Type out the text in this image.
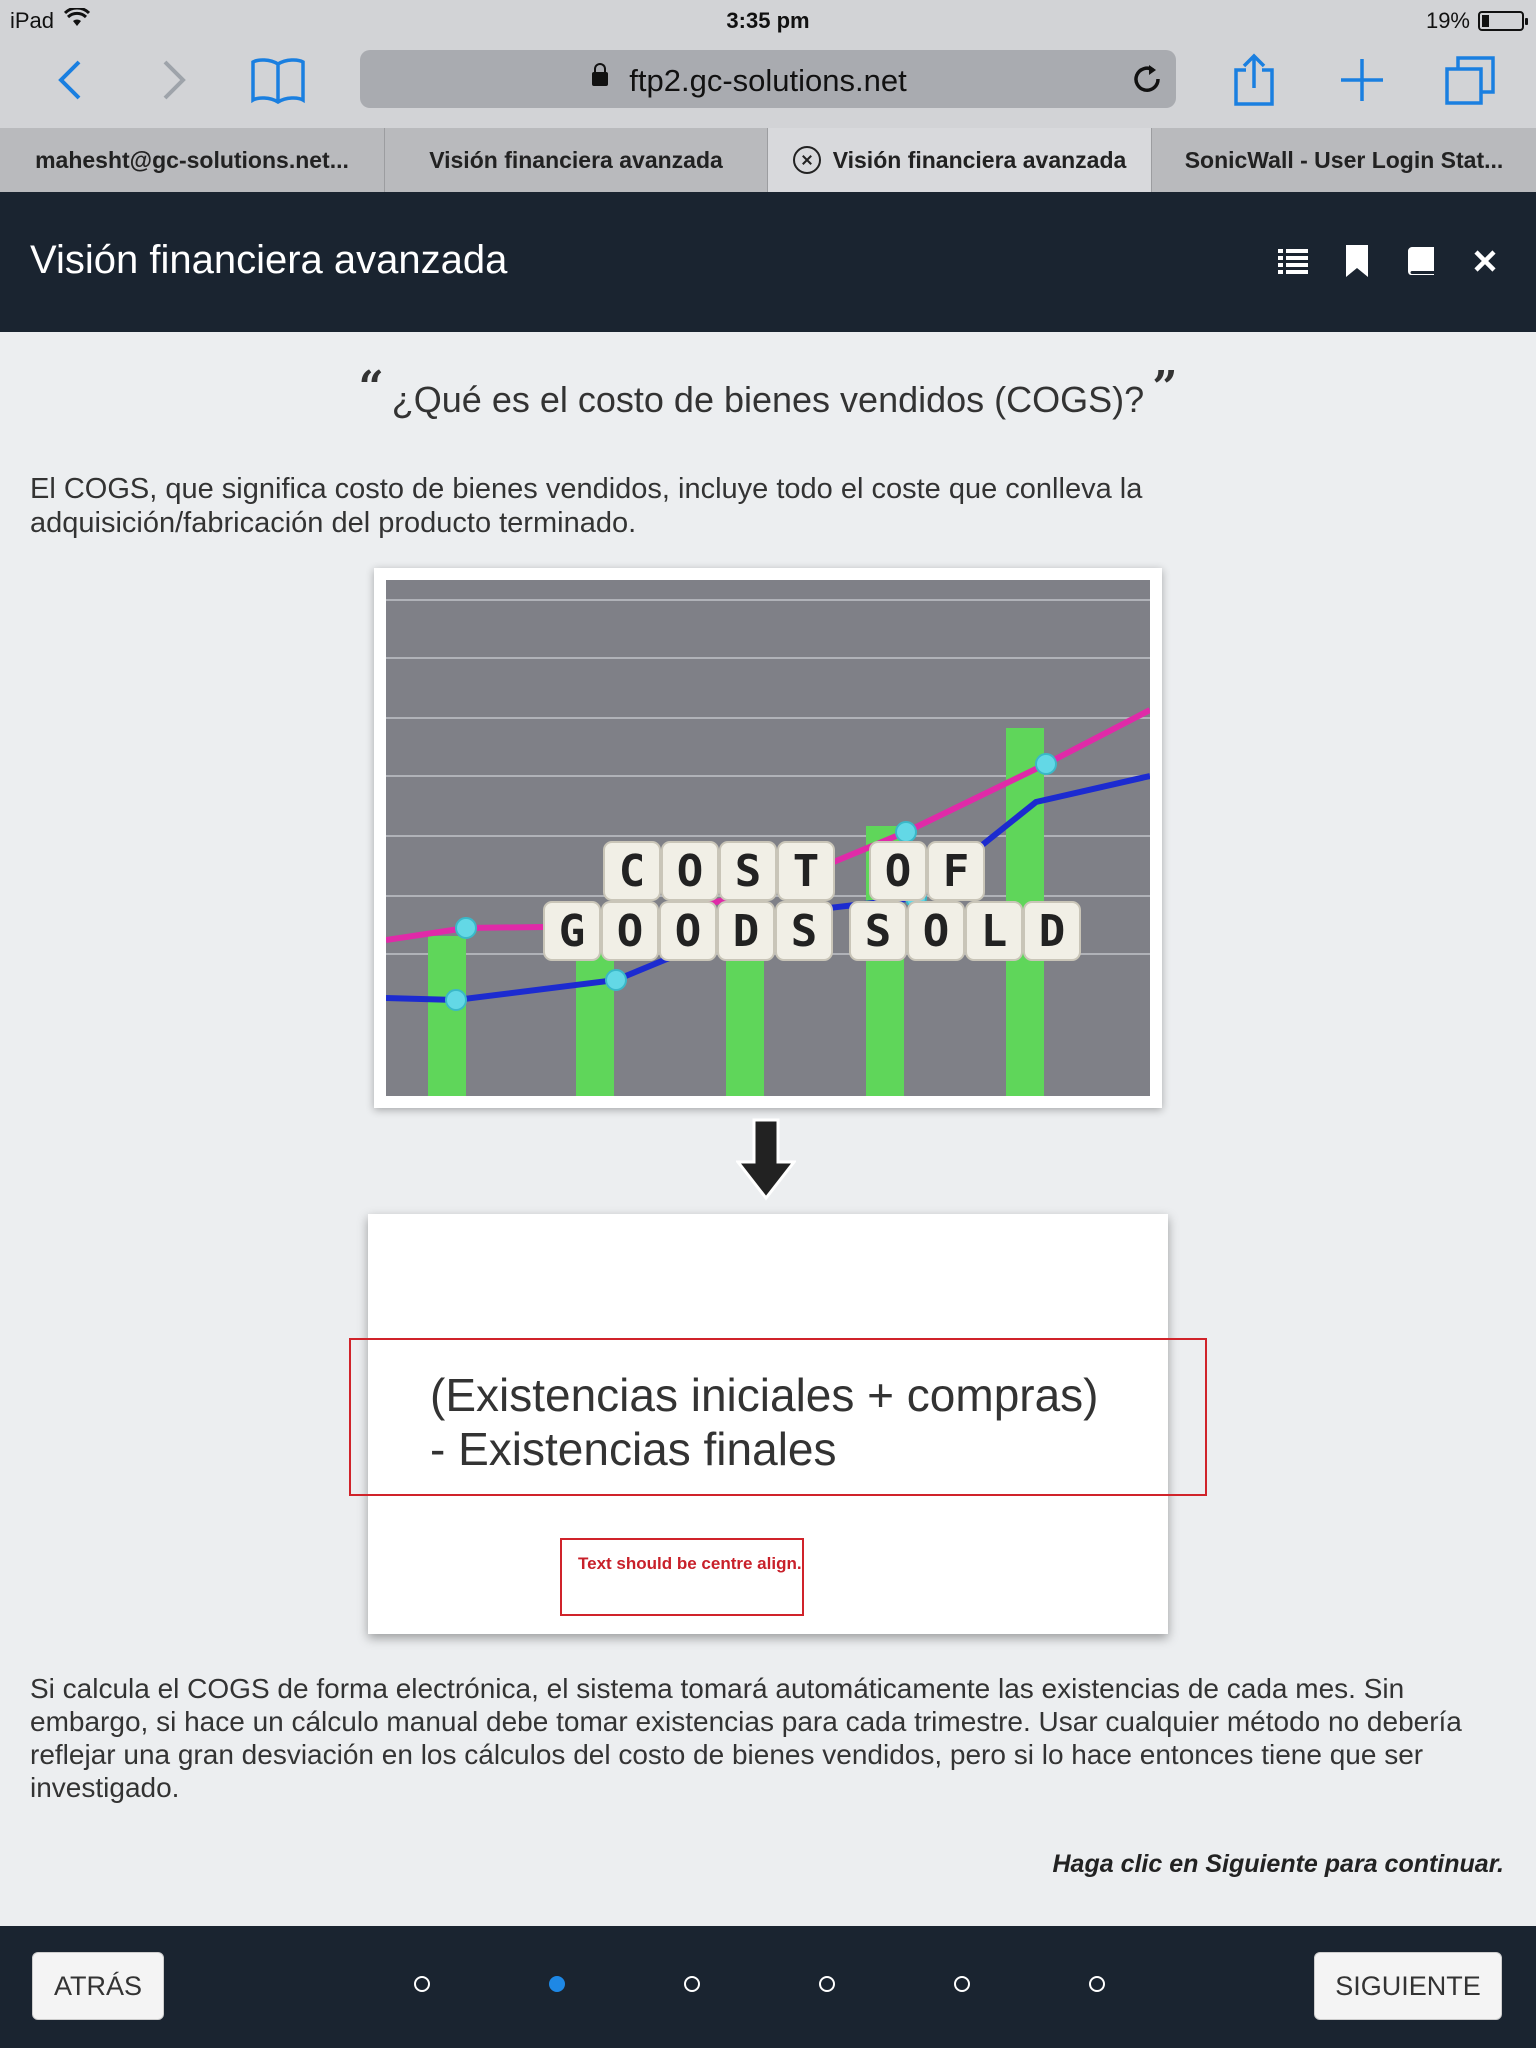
iPad	3:35 pm	19%
ftp2.gc-solutions.net
mahesht@gc-solutions.net...	Visión financiera avanzada	Visión financiera avanzada	SonicWall - User Login Stat...
Visión financiera avanzada
“ ¿Qué es el costo de bienes vendidos (COGS)? ”

El COGS, que significa costo de bienes vendidos, incluye todo el coste que conlleva la adquisición/fabricación del producto terminado.

C O S T O F
G O O D S S O L D
(Existencias iniciales + compras)
- Existencias finales
Text should be centre align.

Si calcula el COGS de forma electrónica, el sistema tomará automáticamente las existencias de cada mes. Sin embargo, si hace un cálculo manual debe tomar existencias para cada trimestre. Usar cualquier método no debería reflejar una gran desviación en los cálculos del costo de bienes vendidos, pero si lo hace entonces tiene que ser investigado.

Haga clic en Siguiente para continuar.

ATRÁS	SIGUIENTE
